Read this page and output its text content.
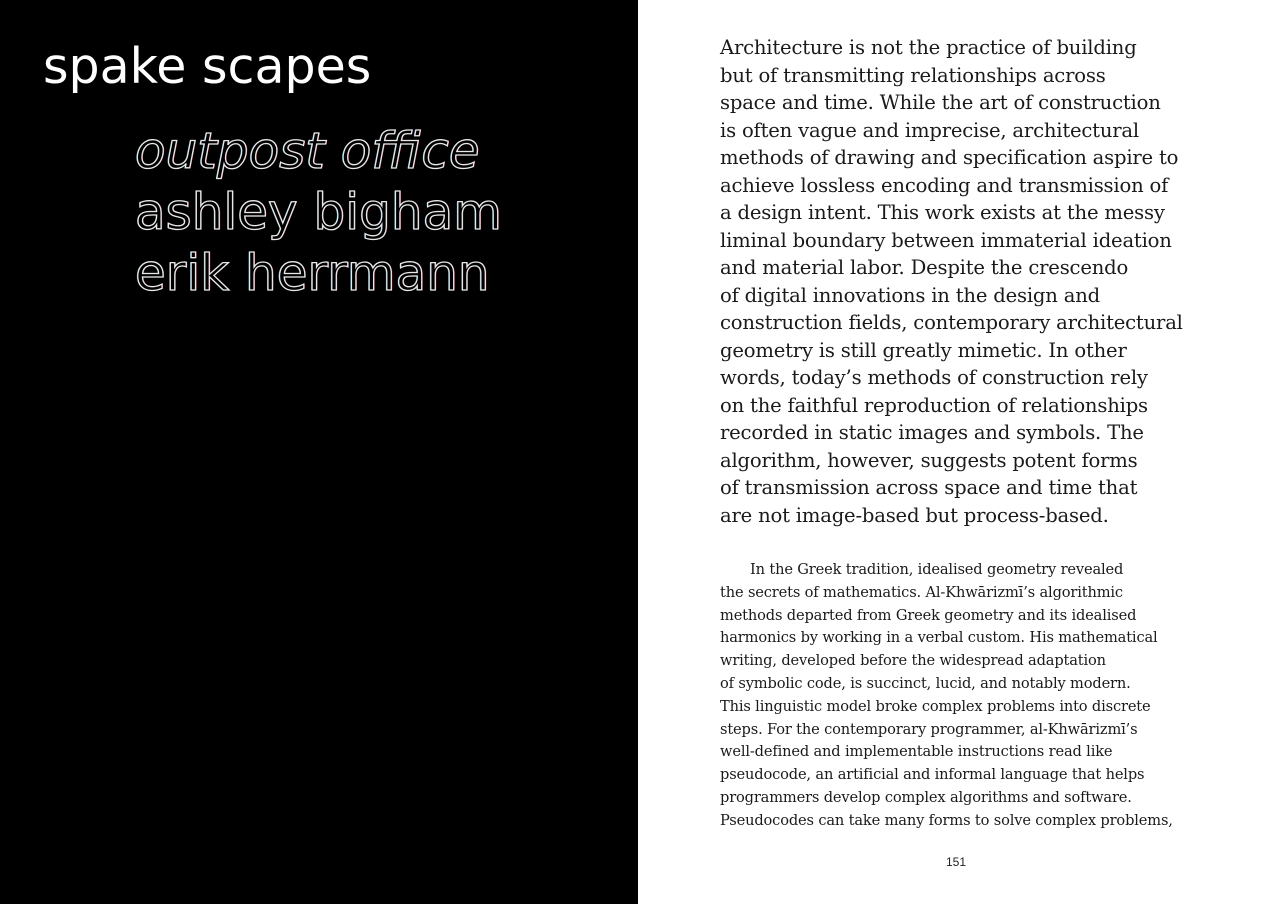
spake scapes
outpost office
ashley bigham
erik herrmann

Architecture is not the practice of building
but of transmitting relationships across
space and time. While the art of construction
is often vague and imprecise, architectural
methods of drawing and specification aspire to
achieve lossless encoding and transmission of
a design intent. This work exists at the messy
liminal boundary between immaterial ideation
and material labor. Despite the crescendo
of digital innovations in the design and
construction fields, contemporary architectural
geometry is still greatly mimetic. In other
words, today’s methods of construction rely
on the faithful reproduction of relationships
recorded in static images and symbols. The
algorithm, however, suggests potent forms
of transmission across space and time that
are not image-based but process-based.

In the Greek tradition, idealised geometry revealed
the secrets of mathematics. Al-Khwārizmī’s algorithmic
methods departed from Greek geometry and its idealised
harmonics by working in a verbal custom. His mathematical
writing, developed before the widespread adaptation
of symbolic code, is succinct, lucid, and notably modern.
This linguistic model broke complex problems into discrete
steps. For the contemporary programmer, al-Khwārizmī’s
well-defined and implementable instructions read like
pseudocode, an artificial and informal language that helps
programmers develop complex algorithms and software.
Pseudocodes can take many forms to solve complex problems,

151
